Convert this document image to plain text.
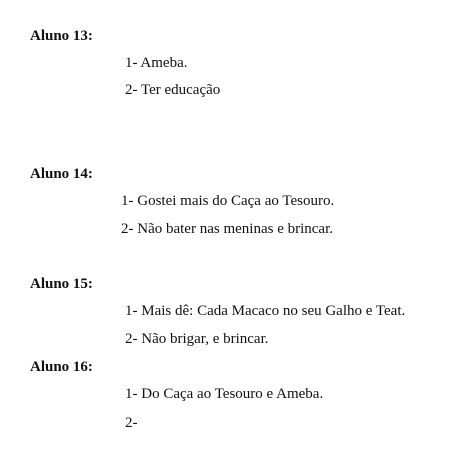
Aluno 13:
1- Ameba.
2- Ter educação
Aluno 14:
1- Gostei mais do Caça ao Tesouro.
2- Não bater nas meninas e brincar.
Aluno 15:
1- Mais dê: Cada Macaco no seu Galho e Teat.
2- Não brigar, e brincar.
Aluno 16:
1- Do Caça ao Tesouro e Ameba.
2-
